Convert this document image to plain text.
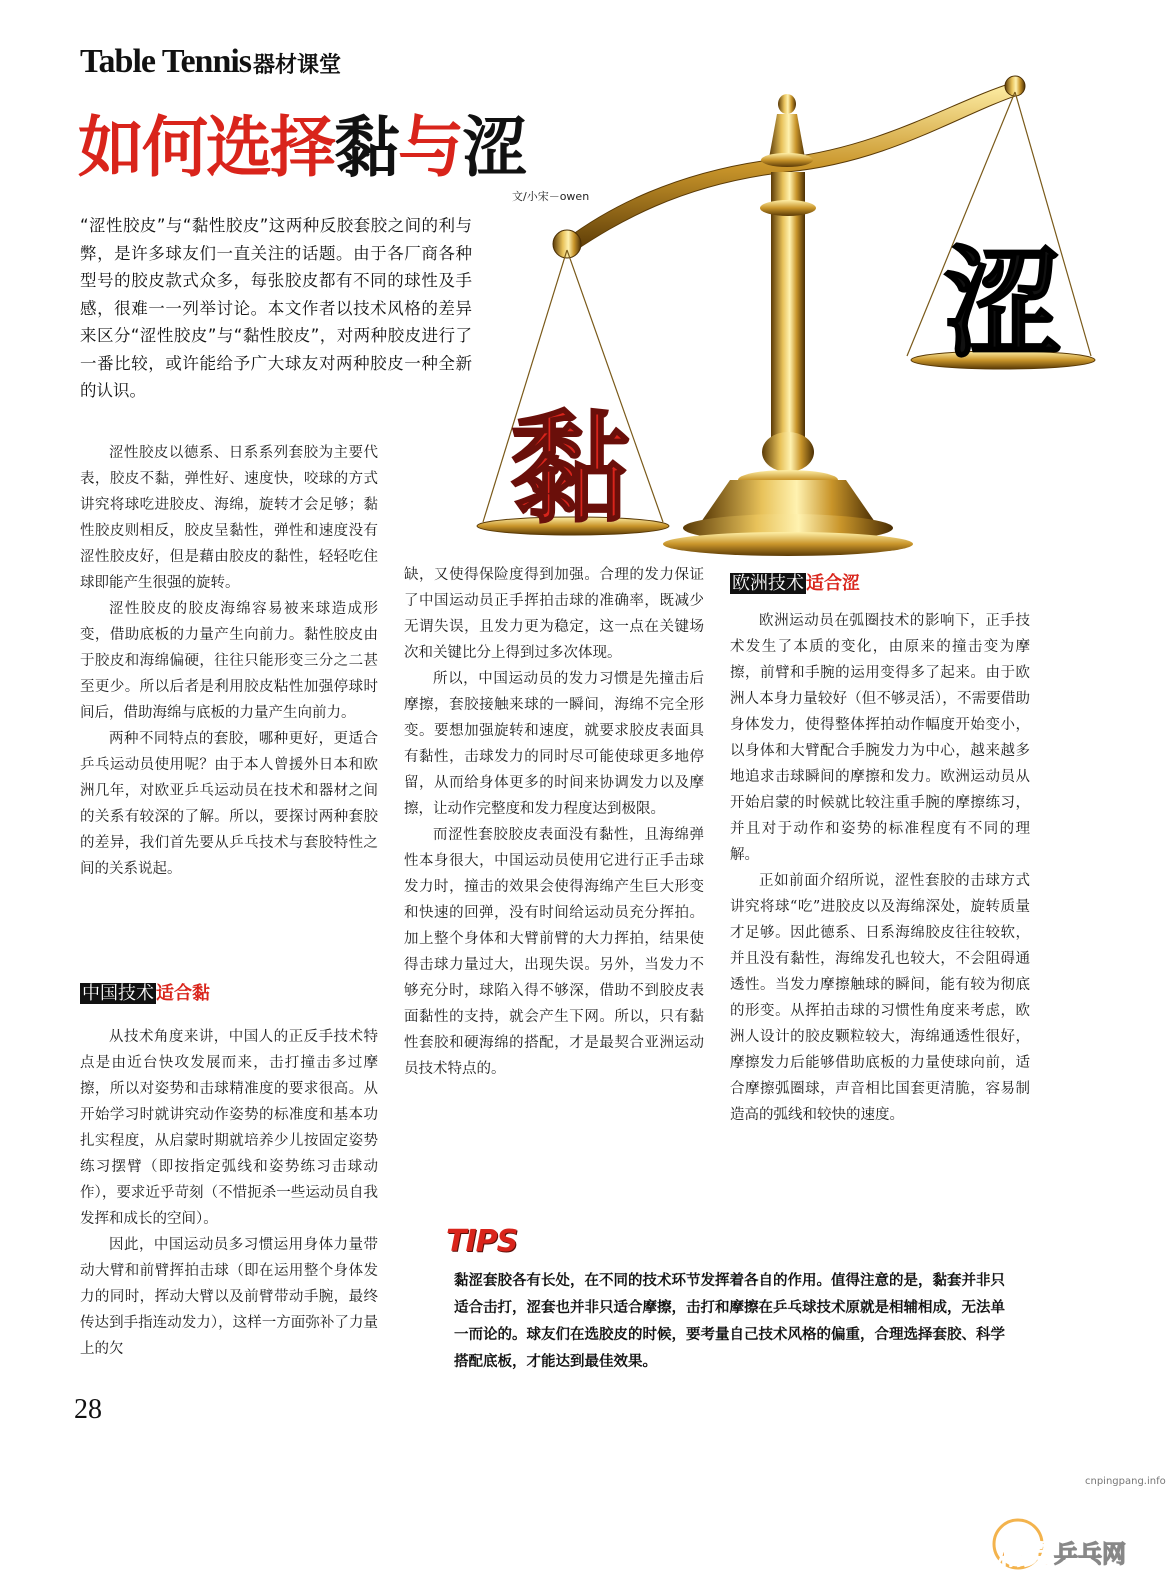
Table Tennis器材课堂
如何选择黏与涩
文/小宋－owen
黏
涩
“涩性胶皮”与“黏性胶皮”这两种反胶套胶之间的利与弊，是许多球友们一直关注的话题。由于各厂商各种型号的胶皮款式众多，每张胶皮都有不同的球性及手感，很难一一列举讨论。本文作者以技术风格的差异来区分“涩性胶皮”与“黏性胶皮”，对两种胶皮进行了一番比较，或许能给予广大球友对两种胶皮一种全新的认识。

涩性胶皮以德系、日系系列套胶为主要代表，胶皮不黏，弹性好、速度快，咬球的方式讲究将球吃进胶皮、海绵，旋转才会足够；黏性胶皮则相反，胶皮呈黏性，弹性和速度没有涩性胶皮好，但是藉由胶皮的黏性，轻轻吃住球即能产生很强的旋转。

涩性胶皮的胶皮海绵容易被来球造成形变，借助底板的力量产生向前力。黏性胶皮由于胶皮和海绵偏硬，往往只能形变三分之二甚至更少。所以后者是利用胶皮粘性加强停球时间后，借助海绵与底板的力量产生向前力。

两种不同特点的套胶，哪种更好，更适合乒乓运动员使用呢？由于本人曾援外日本和欧洲几年，对欧亚乒乓运动员在技术和器材之间的关系有较深的了解。所以，要探讨两种套胶的差异，我们首先要从乒乓技术与套胶特性之间的关系说起。

中国技术 适合黏

从技术角度来讲，中国人的正反手技术特点是由近台快攻发展而来，击打撞击多过摩擦，所以对姿势和击球精准度的要求很高。从开始学习时就讲究动作姿势的标准度和基本功扎实程度，从启蒙时期就培养少儿按固定姿势练习摆臂（即按指定弧线和姿势练习击球动作），要求近乎苛刻（不惜扼杀一些运动员自我发挥和成长的空间）。

因此，中国运动员多习惯运用身体力量带动大臂和前臂挥拍击球（即在运用整个身体发力的同时，挥动大臂以及前臂带动手腕，最终传达到手指连动发力），这样一方面弥补了力量上的欠

缺，又使得保险度得到加强。合理的发力保证了中国运动员正手挥拍击球的准确率，既减少无谓失误，且发力更为稳定，这一点在关键场次和关键比分上得到过多次体现。

所以，中国运动员的发力习惯是先撞击后摩擦，套胶接触来球的一瞬间，海绵不完全形变。要想加强旋转和速度，就要求胶皮表面具有黏性，击球发力的同时尽可能使球更多地停留，从而给身体更多的时间来协调发力以及摩擦，让动作完整度和发力程度达到极限。

而涩性套胶胶皮表面没有黏性，且海绵弹性本身很大，中国运动员使用它进行正手击球发力时，撞击的效果会使得海绵产生巨大形变和快速的回弹，没有时间给运动员充分挥拍。加上整个身体和大臂前臂的大力挥拍，结果使得击球力量过大，出现失误。另外，当发力不够充分时，球陷入得不够深，借助不到胶皮表面黏性的支持，就会产生下网。所以，只有黏性套胶和硬海绵的搭配，才是最契合亚洲运动员技术特点的。

欧洲技术 适合涩

欧洲运动员在弧圈技术的影响下，正手技术发生了本质的变化，由原来的撞击变为摩擦，前臂和手腕的运用变得多了起来。由于欧洲人本身力量较好（但不够灵活），不需要借助身体发力，使得整体挥拍动作幅度开始变小，以身体和大臂配合手腕发力为中心，越来越多地追求击球瞬间的摩擦和发力。欧洲运动员从开始启蒙的时候就比较注重手腕的摩擦练习，并且对于动作和姿势的标准程度有不同的理解。

正如前面介绍所说，涩性套胶的击球方式讲究将球“吃”进胶皮以及海绵深处，旋转质量才足够。因此德系、日系海绵胶皮往往较软，并且没有黏性，海绵发孔也较大，不会阻碍通透性。当发力摩擦触球的瞬间，能有较为彻底的形变。从挥拍击球的习惯性角度来考虑，欧洲人设计的胶皮颗粒较大，海绵通透性很好，摩擦发力后能够借助底板的力量使球向前，适合摩擦弧圈球，声音相比国套更清脆，容易制造高的弧线和较快的速度。

TIPS
黏涩套胶各有长处，在不同的技术环节发挥着各自的作用。值得注意的是，黏套并非只适合击打，涩套也并非只适合摩擦，击打和摩擦在乒乓球技术原就是相辅相成，无法单一而论的。球友们在选胶皮的时候，要考量自己技术风格的偏重，合理选择套胶、科学搭配底板，才能达到最佳效果。
28
cnpingpang.info
精英 乒乓网
